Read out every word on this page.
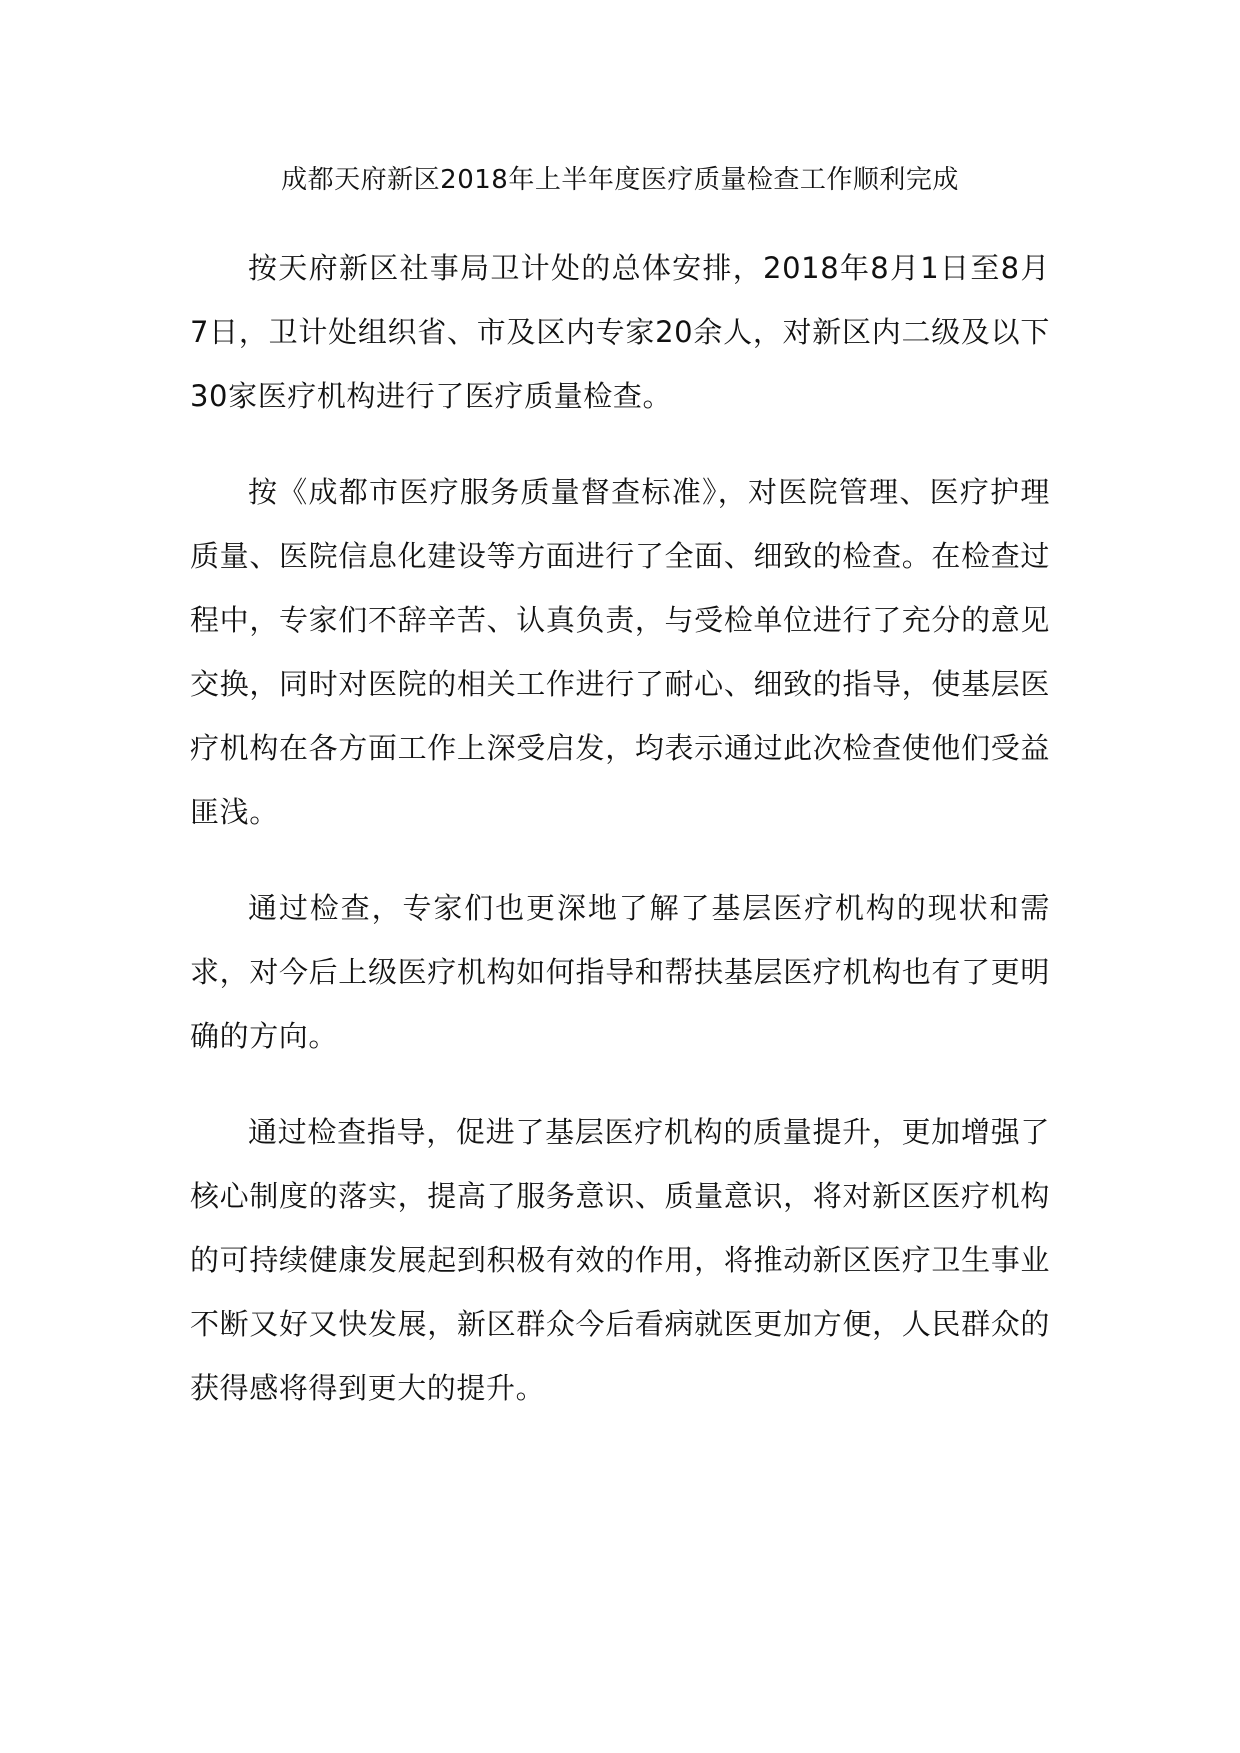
成都天府新区2018年上半年度医疗质量检查工作顺利完成

按天府新区社事局卫计处的总体安排，2018年8月1日至8月7日，卫计处组织省、市及区内专家20余人，对新区内二级及以下30家医疗机构进行了医疗质量检查。

按《成都市医疗服务质量督查标准》，对医院管理、医疗护理质量、医院信息化建设等方面进行了全面、细致的检查。在检查过程中，专家们不辞辛苦、认真负责，与受检单位进行了充分的意见交换，同时对医院的相关工作进行了耐心、细致的指导，使基层医疗机构在各方面工作上深受启发，均表示通过此次检查使他们受益匪浅。

通过检查，专家们也更深地了解了基层医疗机构的现状和需求，对今后上级医疗机构如何指导和帮扶基层医疗机构也有了更明确的方向。

通过检查指导，促进了基层医疗机构的质量提升，更加增强了核心制度的落实，提高了服务意识、质量意识，将对新区医疗机构的可持续健康发展起到积极有效的作用，将推动新区医疗卫生事业不断又好又快发展，新区群众今后看病就医更加方便，人民群众的获得感将得到更大的提升。
